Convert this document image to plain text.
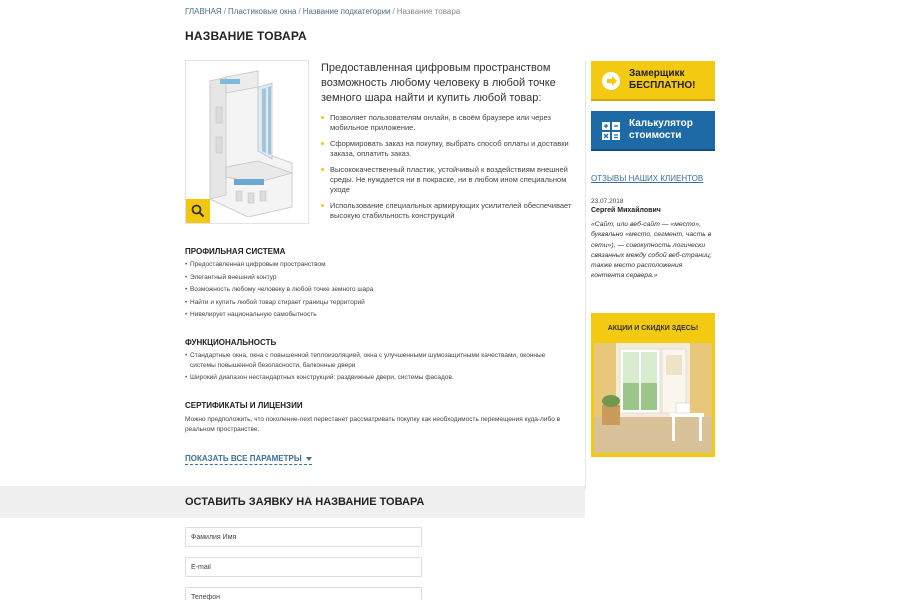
ГЛАВНАЯ / Пластиковые окна / Название подкатегории / Название товара
НАЗВАНИЕ ТОВАРА

Предоставленная цифровым пространством возможность любому человеку в любой точке земного шара найти и купить любой товар:

Позволяет пользователям онлайн, в своём браузере или через мобильное приложение.
Сформировать заказ на покупку, выбрать способ оплаты и доставки заказа, оплатить заказ.
Высококачественный пластик, устойчивый к воздействиям внешней среды. Не нуждается ни в покраске, ни в любом ином специальном уходе
Использование специальных армирующих усилителей обеспечивает высокую стабильность конструкций
ПРОФИЛЬНАЯ СИСТЕМА
• Предоставленная цифровым пространством
• Элегантный внешний контур
• Возможность любому человеку в любой точке земного шара
• Найти и купить любой товар стирает границы территорий
• Нивелирует национальную самобытность
ФУНКЦИОНАЛЬНОСТЬ
• Стандартные окна, окна с повышенной теплоизоляцией, окна с улучшенными шумозащитными качествами, оконные системы повышенной безопасности, балконные двери
• Широкий диапазон нестандартных конструкций: раздвижные двери, системы фасадов.
СЕРТИФИКАТЫ И ЛИЦЕНЗИИ

Можно предположить, что поколение-next перестанет рассматривать покупку как необходимость перемещения куда-либо в реальном пространстве.

ПОКАЗАТЬ ВСЕ ПАРАМЕТРЫ
ОСТАВИТЬ ЗАЯВКУ НА НАЗВАНИЕ ТОВАРА
Фамилия Имя
E-mail
Телефон
Замерщикк БЕСПЛАТНО!
Калькулятор стоимости
ОТЗЫВЫ НАШИХ КЛИЕНТОВ
23.07.2018
Сергей Михайлович

«Сайт, или веб-сайт — «место», буквально «место, сегмент, часть в сети»), — совокупность логически связанных между собой веб-страниц; также место расположения контента сервера.»

АКЦИИ И СКИДКИ ЗДЕСЬ!
